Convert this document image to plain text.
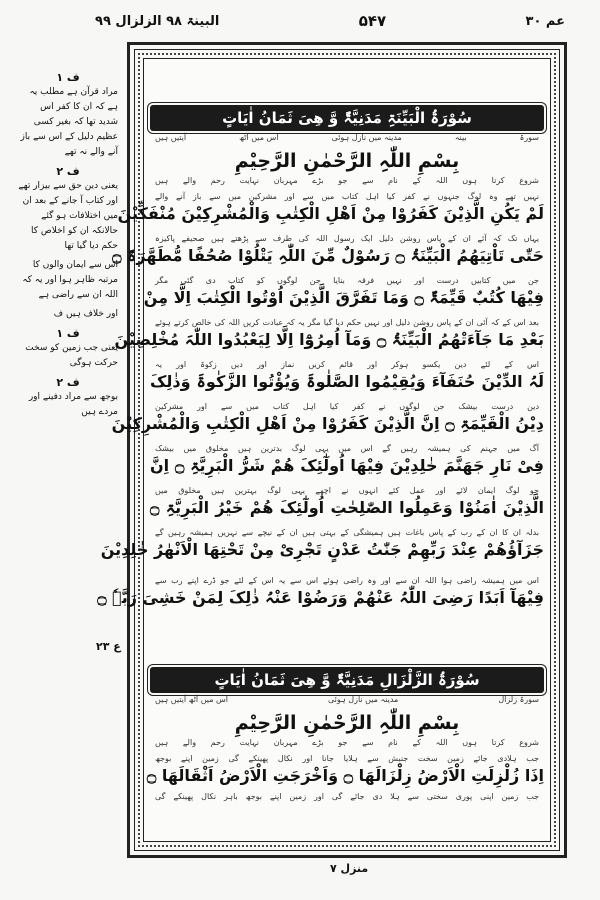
عم ۳۰
۵۴۷
البینۃ ۹۸ الزلزال ۹۹
سُوْرَۃُ الْبَیِّنَۃِ مَدَنِیَّۃٌ وَّ ھِیَ ثَمَانُ اٰیَاتٍ
سورۃ
بینہ
مدینہ میں نازل ہوئی
اس میں آٹھ
آیتیں ہیں
بِسْمِ اللّٰہِ الرَّحْمٰنِ الرَّحِیْمِ
شروع کرتا ہوں اللہ کے نام سے جو بڑے مہربان نہایت رحم والے ہیں
نہیں تھے وہ لوگ جنہوں نے کفر کیا اہل کتاب میں سے اور مشرکین میں سے باز آنے والے
لَمْ یَکُنِ الَّذِیْنَ کَفَرُوْا مِنْ اَھْلِ الْکِتٰبِ وَالْمُشْرِکِیْنَ مُنْفَکِّیْنَ
یہاں تک کہ آئے ان کے پاس روشن دلیل ایک رسول اللہ کی طرف سے پڑھتے ہیں صحیفے پاکیزہ
حَتّٰی تَاْتِیَھُمُ الْبَیِّنَۃُ ۝ رَسُوْلٌ مِّنَ اللّٰہِ یَتْلُوْا صُحُفًا مُّطَھَّرَۃً ۝
جن میں کتابیں درست اور نہیں فرقہ بنایا جن لوگوں کو کتاب دی گئی مگر
فِیْھَا کُتُبٌ قَیِّمَۃٌ ۝ وَمَا تَفَرَّقَ الَّذِیْنَ اُوْتُوا الْکِتٰبَ اِلَّا مِنْ
بعد اس کے کہ آئی ان کے پاس روشن دلیل اور نہیں حکم دیا گیا مگر یہ کہ عبادت کریں اللہ کی خالص کرتے ہوئے
بَعْدِ مَا جَآءَتْھُمُ الْبَیِّنَۃُ ۝ وَمَآ اُمِرُوْٓا اِلَّا لِیَعْبُدُوا اللّٰہَ مُخْلِصِیْنَ
اس کے لئے دین یکسو ہوکر اور قائم کریں نماز اور دیں زکوۃ اور یہ
لَہُ الدِّیْنَ حُنَفَآءَ وَیُقِیْمُوا الصَّلٰوۃَ وَیُؤْتُوا الزَّکٰوۃَ وَذٰلِکَ
دین درست بیشک جن لوگوں نے کفر کیا اہل کتاب میں سے اور مشرکین
دِیْنُ الْقَیِّمَۃِ ۝ اِنَّ الَّذِیْنَ کَفَرُوْا مِنْ اَھْلِ الْکِتٰبِ وَالْمُشْرِکِیْنَ
آگ میں جہنم کی ہمیشہ رہیں گے اس میں یہی لوگ بدترین ہیں مخلوق میں بیشک
فِیْ نَارِ جَھَنَّمَ خٰلِدِیْنَ فِیْھَا اُولٰٓئِکَ ھُمْ شَرُّ الْبَرِیَّۃِ ۝ اِنَّ
جو لوگ ایمان لائے اور عمل کئے انہوں نے اچھے یہی لوگ بہترین ہیں مخلوق میں
الَّذِیْنَ اٰمَنُوْا وَعَمِلُوا الصّٰلِحٰتِ اُولٰٓئِکَ ھُمْ خَیْرُ الْبَرِیَّۃِ ۝
بدلہ ان کا ان کے رب کے پاس باغات ہیں ہمیشگی کے بہتی ہیں ان کے نیچے سے نہریں ہمیشہ رہیں گے
جَزَآؤُھُمْ عِنْدَ رَبِّھِمْ جَنّٰتُ عَدْنٍ تَجْرِیْ مِنْ تَحْتِھَا الْاَنْھٰرُ خٰلِدِیْنَ
اس میں ہمیشہ راضی ہوا اللہ ان سے اور وہ راضی ہوئے اس سے یہ اس کے لئے جو ڈرے اپنے رب سے
فِیْھَآ اَبَدًا رَضِیَ اللّٰہُ عَنْھُمْ وَرَضُوْا عَنْہُ ذٰلِکَ لِمَنْ خَشِیَ رَبَّہٗ ۝
سُوْرَۃُ الزَّلْزَالِ مَدَنِیَّۃٌ وَّ ھِیَ ثَمَانُ اٰیَاتٍ
سورۃ زلزال
مدینہ میں نازل ہوئی
اس میں آٹھ آیتیں ہیں
بِسْمِ اللّٰہِ الرَّحْمٰنِ الرَّحِیْمِ
شروع کرتا ہوں اللہ کے نام سے جو بڑے مہربان نہایت رحم والے ہیں
جب ہلادی جائے زمین سخت جنبش سے ہلایا جانا اور نکال پھینکے گی زمین اپنے بوجھ
اِذَا زُلْزِلَتِ الْاَرْضُ زِلْزَالَھَا ۝ وَاَخْرَجَتِ الْاَرْضُ اَثْقَالَھَا ۝
جب زمین اپنی پوری سختی سے ہلا دی جائے گی اور زمین اپنے بوجھ باہر نکال پھینکے گی
ف ١

مراد قرآن ہے مطلب یہ ہے کہ ان کا کفر اس شدید تھا کہ بغیر کسی عظیم دلیل کے اس سے باز آنے والے نہ تھے

ف ٢

یعنی دین حق سے بیزار تھے اور کتاب آ جانے کے بعد ان میں اختلافات ہو گئے حالانکہ ان کو اخلاص کا حکم دیا گیا تھا

اس سے ایمان والوں کا مرتبہ ظاہر ہوا اور یہ کہ اللہ ان سے راضی ہے

اور خلاف ہیں ف

ف ١

یعنی جب زمین کو سخت حرکت ہوگی

ف ٢

بوجھ سے مراد دفینے اور مردے ہیں

ع ۲۳
منزل ۷
